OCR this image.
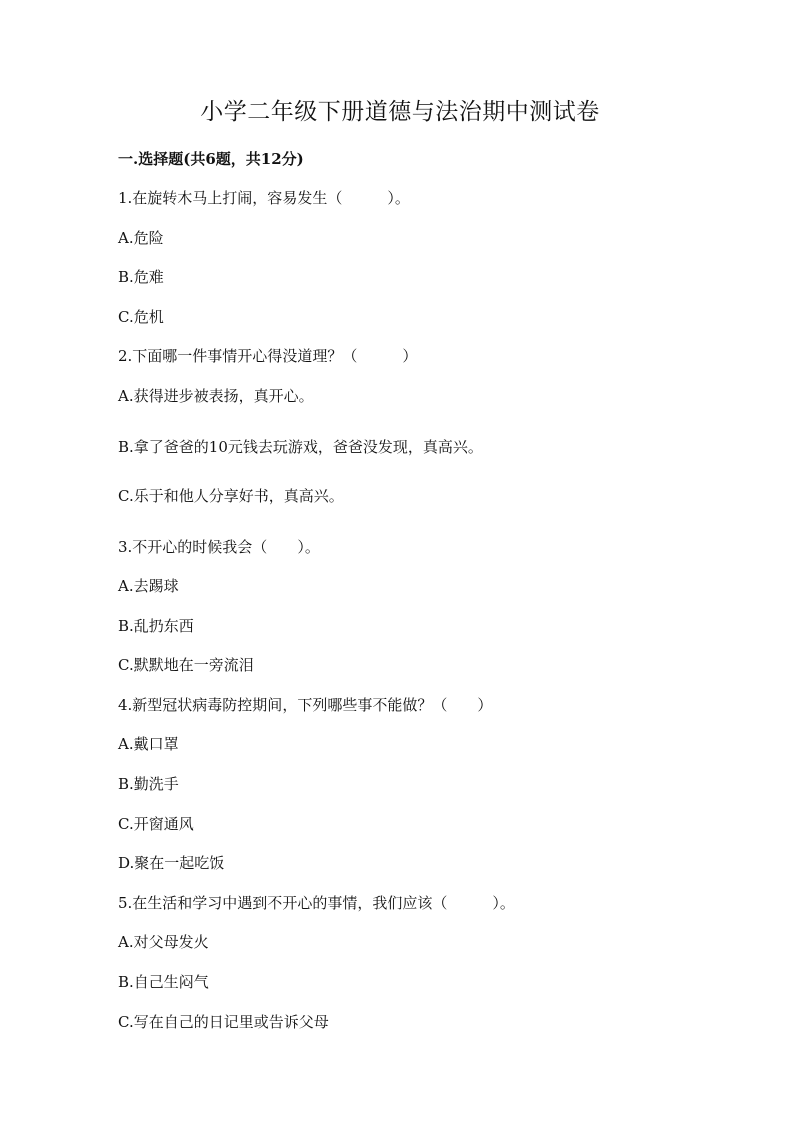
小学二年级下册道德与法治期中测试卷
一.选择题(共6题，共12分)
1.在旋转木马上打闹，容易发生（　　　）。
A.危险
B.危难
C.危机
2.下面哪一件事情开心得没道理？（　　　）
A.获得进步被表扬，真开心。
B.拿了爸爸的10元钱去玩游戏，爸爸没发现，真高兴。
C.乐于和他人分享好书，真高兴。
3.不开心的时候我会（　　）。
A.去踢球
B.乱扔东西
C.默默地在一旁流泪
4.新型冠状病毒防控期间，下列哪些事不能做？（　　）
A.戴口罩
B.勤洗手
C.开窗通风
D.聚在一起吃饭
5.在生活和学习中遇到不开心的事情，我们应该（　　　）。
A.对父母发火
B.自己生闷气
C.写在自己的日记里或告诉父母
